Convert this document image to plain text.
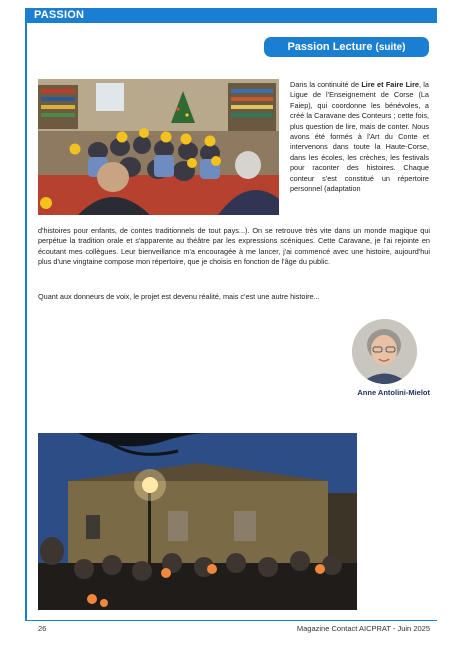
PASSION
Passion Lecture (suite)
Dans la continuité de Lire et Faire Lire, la Ligue de l'Enseignement de Corse (La Faiep), qui coordonne les bénévoles, a créé la Caravane des Conteurs ; cette fois, plus question de lire, mais de conter. Nous avons été formés à l'Art du Conte et intervenons dans toute la Haute-Corse, dans les écoles, les crèches, les festivals pour raconter des histoires. Chaque conteur s'est constitué un répertoire personnel (adaptation
d'histoires pour enfants, de contes traditionnels de tout pays...). On se retrouve très vite dans un monde magique qui perpétue la tradition orale et s'apparente au théâtre par les expressions scéniques. Cette Caravane, je l'ai rejointe en écoutant mes collègues. Leur bienveillance m'a encouragée à me lancer, j'ai commencé avec une histoire, aujourd'hui plus d'une vingtaine compose mon répertoire, que je choisis en fonction de l'âge du public.
Quant aux donneurs de voix, le projet est devenu réalité, mais c'est une autre histoire...
Anne Antolini-Mielot
26	Magazine Contact AICPRAT - Juin 2025
